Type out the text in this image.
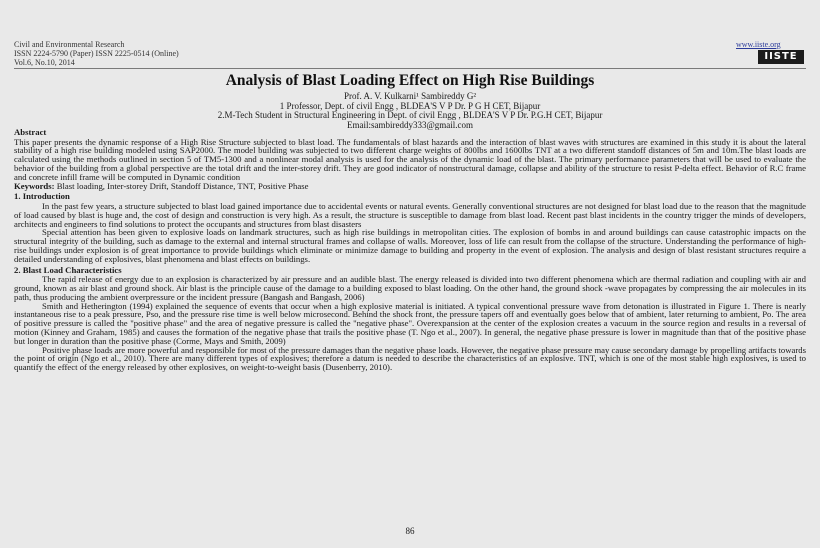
Civil and Environmental Research
ISSN 2224-5790 (Paper) ISSN 2225-0514 (Online)
Vol.6, No.10, 2014
www.iiste.org
IISTE
Analysis of Blast Loading Effect on High Rise Buildings
Prof. A. V. Kulkarni¹ Sambireddy G²
1 Professor, Dept. of civil Engg , BLDEA'S V P Dr. P G H CET, Bijapur
2.M-Tech Student in Structural Engineering in Dept. of civil Engg , BLDEA'S V P Dr. P.G.H CET, Bijapur
Email:sambireddy333@gmail.com
Abstract

This paper presents the dynamic response of a High Rise Structure subjected to blast load. The fundamentals of blast hazards and the interaction of blast waves with structures are examined in this study it is about the lateral stability of a high rise building modeled using SAP2000. The model building was subjected to two different charge weights of 800lbs and 1600lbs TNT at a two different standoff distances of 5m and 10m.The blast loads are calculated using the methods outlined in section 5 of TM5-1300 and a nonlinear modal analysis is used for the analysis of the dynamic load of the blast. The primary performance parameters that will be used to evaluate the behavior of the building from a global perspective are the total drift and the inter-storey drift. They are good indicator of nonstructural damage, collapse and ability of the structure to resist P-delta effect. Behavior of R.C frame and concrete infill frame will be computed in Dynamic condition

Keywords: Blast loading, Inter-storey Drift, Standoff Distance, TNT, Positive Phase

1. Introduction

In the past few years, a structure subjected to blast load gained importance due to accidental events or natural events. Generally conventional structures are not designed for blast load due to the reason that the magnitude of load caused by blast is huge and, the cost of design and construction is very high. As a result, the structure is susceptible to damage from blast load. Recent past blast incidents in the country trigger the minds of developers, architects and engineers to find solutions to protect the occupants and structures from blast disasters

Special attention has been given to explosive loads on landmark structures, such as high rise buildings in metropolitan cities. The explosion of bombs in and around buildings can cause catastrophic impacts on the structural integrity of the building, such as damage to the external and internal structural frames and collapse of walls. Moreover, loss of life can result from the collapse of the structure. Understanding the performance of high-rise buildings under explosion is of great importance to provide buildings which eliminate or minimize damage to building and property in the event of explosion. The analysis and design of blast resistant structures require a detailed understanding of explosives, blast phenomena and blast effects on buildings.

2. Blast Load Characteristics

The rapid release of energy due to an explosion is characterized by air pressure and an audible blast. The energy released is divided into two different phenomena which are thermal radiation and coupling with air and ground, known as air blast and ground shock. Air blast is the principle cause of the damage to a building exposed to blast loading. On the other hand, the ground shock -wave propagates by compressing the air molecules in its path, thus producing the ambient overpressure or the incident pressure (Bangash and Bangash, 2006)

Smith and Hetherington (1994) explained the sequence of events that occur when a high explosive material is initiated. A typical conventional pressure wave from detonation is illustrated in Figure 1. There is nearly instantaneous rise to a peak pressure, Pso, and the pressure rise time is well below microsecond. Behind the shock front, the pressure tapers off and eventually goes below that of ambient, later returning to ambient, Po. The area of positive pressure is called the "positive phase" and the area of negative pressure is called the "negative phase". Overexpansion at the center of the explosion creates a vacuum in the source region and results in a reversal of motion (Kinney and Graham, 1985) and causes the formation of the negative phase that trails the positive phase (T. Ngo et al., 2007). In general, the negative phase pressure is lower in magnitude than that of the positive phase but longer in duration than the positive phase (Corme, Mays and Smith, 2009)

Positive phase loads are more powerful and responsible for most of the pressure damages than the negative phase loads. However, the negative phase pressure may cause secondary damage by propelling artifacts towards the point of origin (Ngo et al., 2010). There are many different types of explosives; therefore a datum is needed to describe the characteristics of an explosive. TNT, which is one of the most stable high explosives, is used to quantify the effect of the energy released by other explosives, on weight-to-weight basis (Dusenberry, 2010).

86
